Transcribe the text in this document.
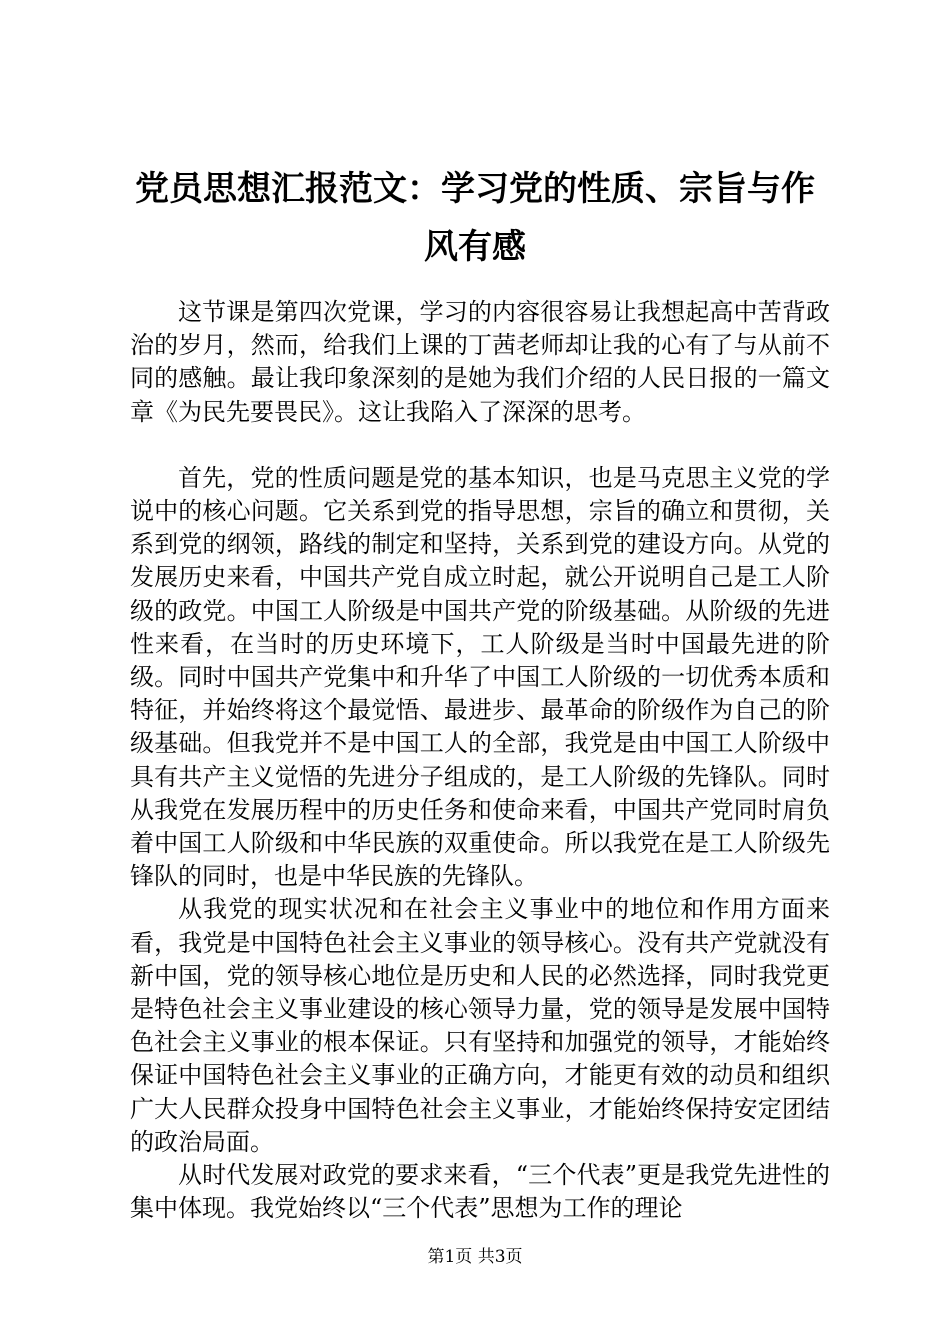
党员思想汇报范文：学习党的性质、宗旨与作风有感

这节课是第四次党课，学习的内容很容易让我想起高中苦背政治的岁月，然而，给我们上课的丁茜老师却让我的心有了与从前不同的感触。最让我印象深刻的是她为我们介绍的人民日报的一篇文章《为民先要畏民》。这让我陷入了深深的思考。

首先，党的性质问题是党的基本知识，也是马克思主义党的学说中的核心问题。它关系到党的指导思想，宗旨的确立和贯彻，关系到党的纲领，路线的制定和坚持，关系到党的建设方向。从党的发展历史来看，中国共产党自成立时起，就公开说明自己是工人阶级的政党。中国工人阶级是中国共产党的阶级基础。从阶级的先进性来看，在当时的历史环境下，工人阶级是当时中国最先进的阶级。同时中国共产党集中和升华了中国工人阶级的一切优秀本质和特征，并始终将这个最觉悟、最进步、最革命的阶级作为自己的阶级基础。但我党并不是中国工人的全部，我党是由中国工人阶级中具有共产主义觉悟的先进分子组成的，是工人阶级的先锋队。同时从我党在发展历程中的历史任务和使命来看，中国共产党同时肩负着中国工人阶级和中华民族的双重使命。所以我党在是工人阶级先锋队的同时，也是中华民族的先锋队。

从我党的现实状况和在社会主义事业中的地位和作用方面来看，我党是中国特色社会主义事业的领导核心。没有共产党就没有新中国，党的领导核心地位是历史和人民的必然选择，同时我党更是特色社会主义事业建设的核心领导力量，党的领导是发展中国特色社会主义事业的根本保证。只有坚持和加强党的领导，才能始终保证中国特色社会主义事业的正确方向，才能更有效的动员和组织广大人民群众投身中国特色社会主义事业，才能始终保持安定团结的政治局面。

从时代发展对政党的要求来看，“三个代表”更是我党先进性的集中体现。我党始终以“三个代表”思想为工作的理论

第1页 共3页
